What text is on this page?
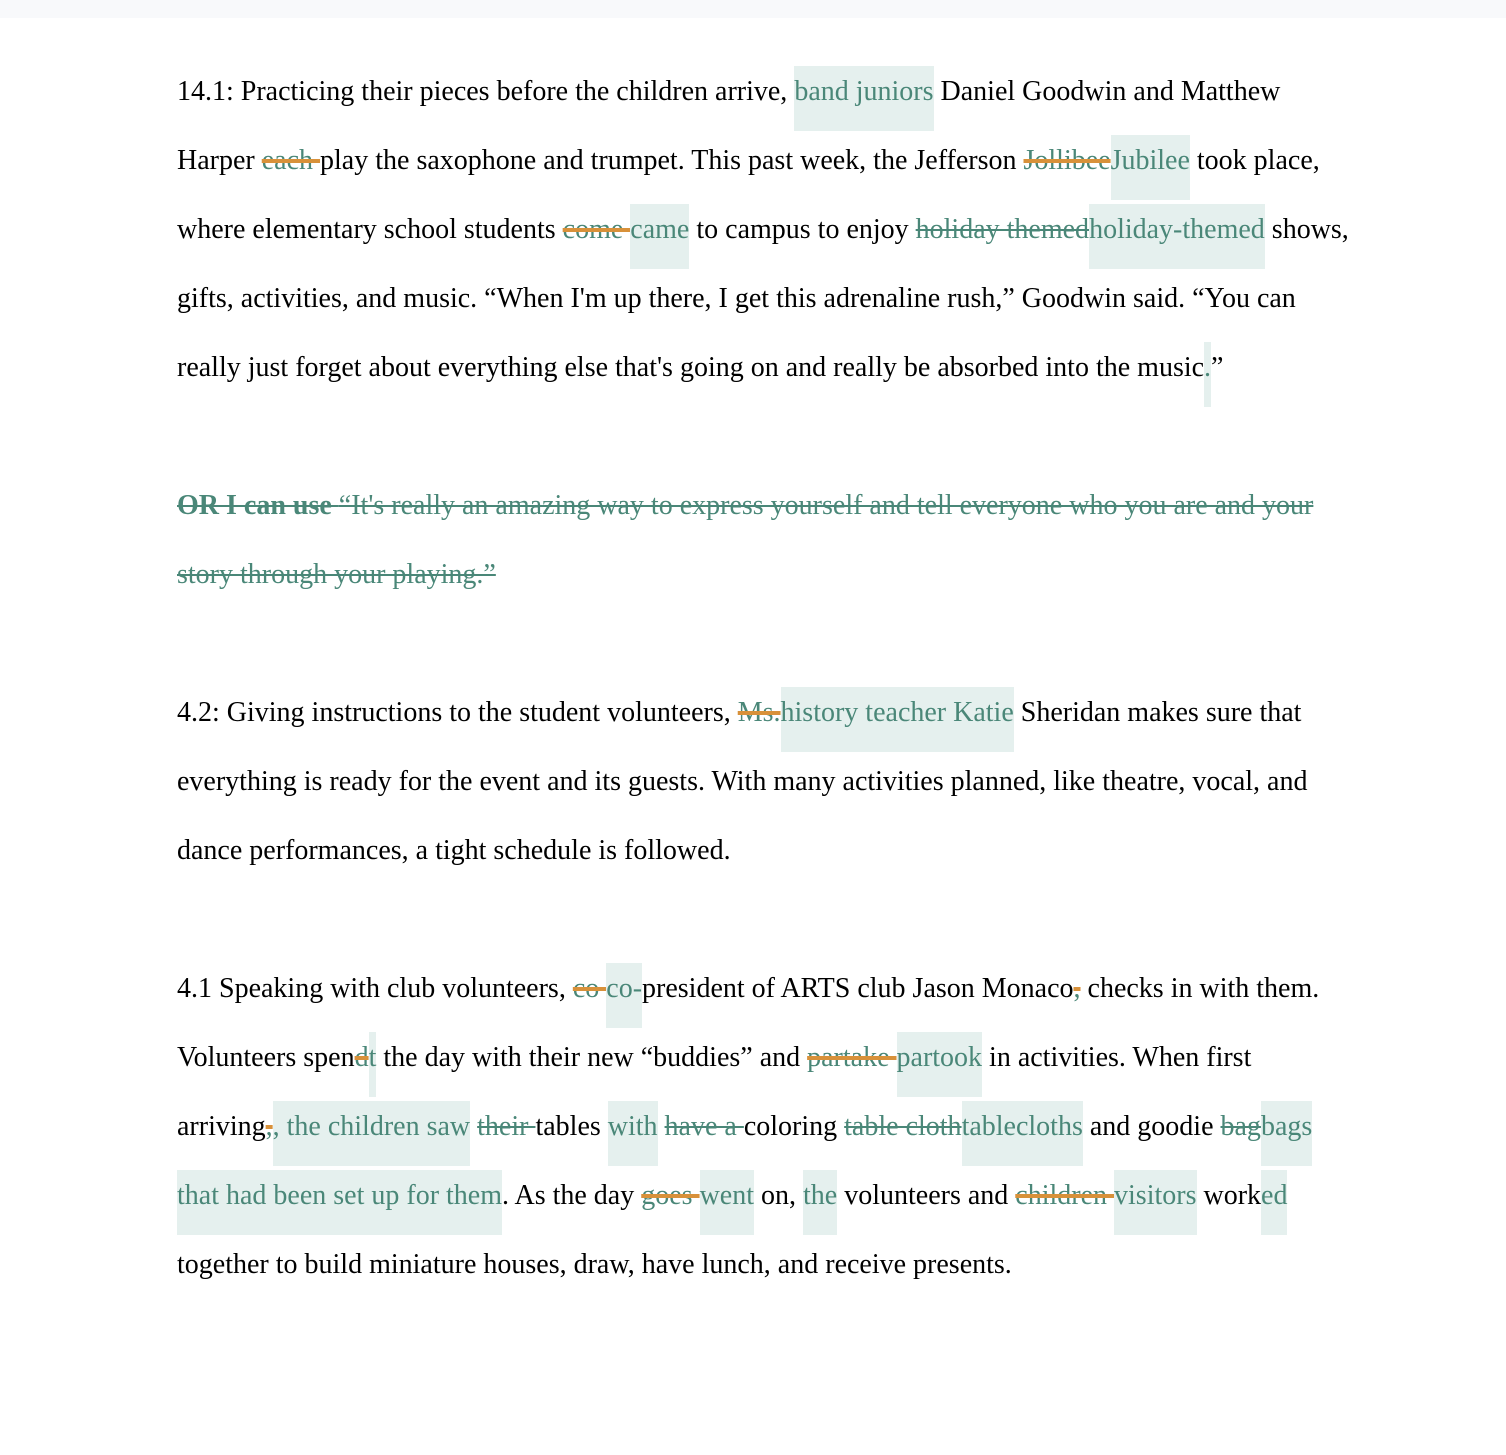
14.1: Practicing their pieces before the children arrive, band juniors Daniel Goodwin and Matthew Harper each play the saxophone and trumpet. This past week, the Jefferson JollibeeJubilee took place, where elementary school students come came to campus to enjoy holiday themedholiday-themed shows, gifts, activities, and music. “When I'm up there, I get this adrenaline rush,” Goodwin said. “You can really just forget about everything else that's going on and really be absorbed into the music.”

OR I can use “It's really an amazing way to express yourself and tell everyone who you are and your story through your playing.”

4.2: Giving instructions to the student volunteers, Ms.history teacher Katie Sheridan makes sure that everything is ready for the event and its guests. With many activities planned, like theatre, vocal, and dance performances, a tight schedule is followed.

4.1 Speaking with club volunteers, co co-president of ARTS club Jason Monaco, checks in with them. Volunteers spendt the day with their new “buddies” and partake partook in activities. When first arriving,, the children saw their tables with have a coloring table clothtablecloths and goodie bagbags that had been set up for them. As the day goes went on, the volunteers and children visitors worked together to build miniature houses, draw, have lunch, and receive presents.
